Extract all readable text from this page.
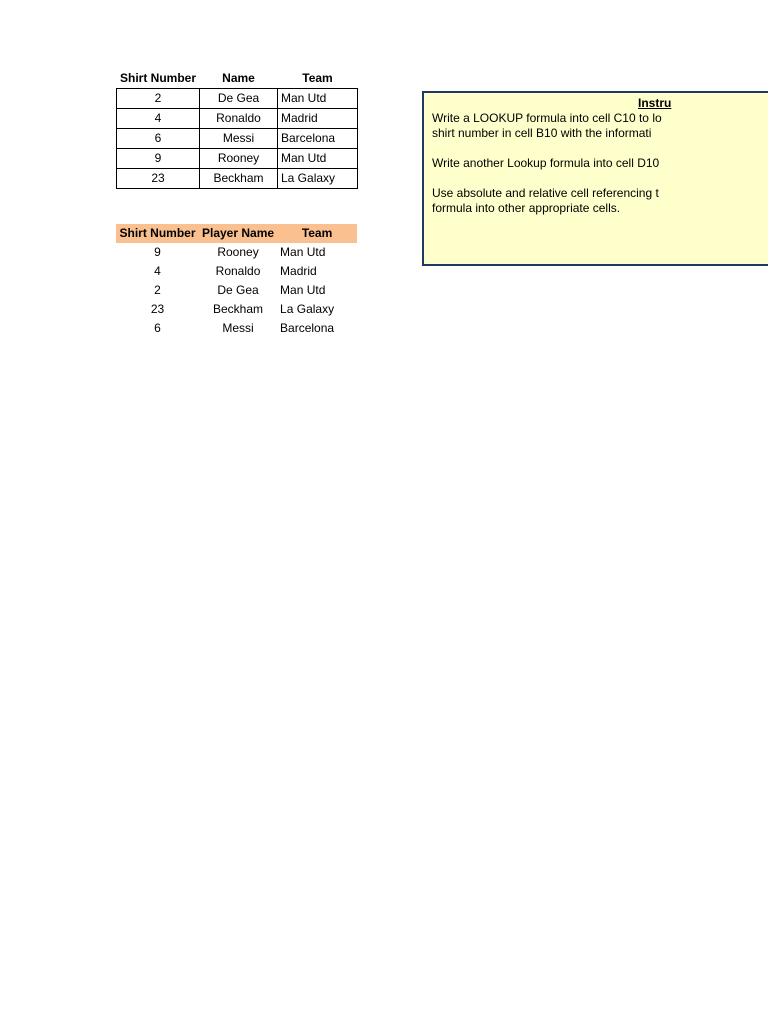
Shirt Number	Name	Team
2	De Gea	Man Utd
4	Ronaldo	Madrid
6	Messi	Barcelona
9	Rooney	Man Utd
23	Beckham	La Galaxy
Shirt Number	Player Name	Team
9	Rooney	Man Utd
4	Ronaldo	Madrid
2	De Gea	Man Utd
23	Beckham	La Galaxy
6	Messi	Barcelona
Instru

Write a LOOKUP formula into cell C10 to lo

shirt number in cell B10 with the informati

Write another Lookup formula into cell D10

Use absolute and relative cell referencing t

formula into other appropriate cells.
